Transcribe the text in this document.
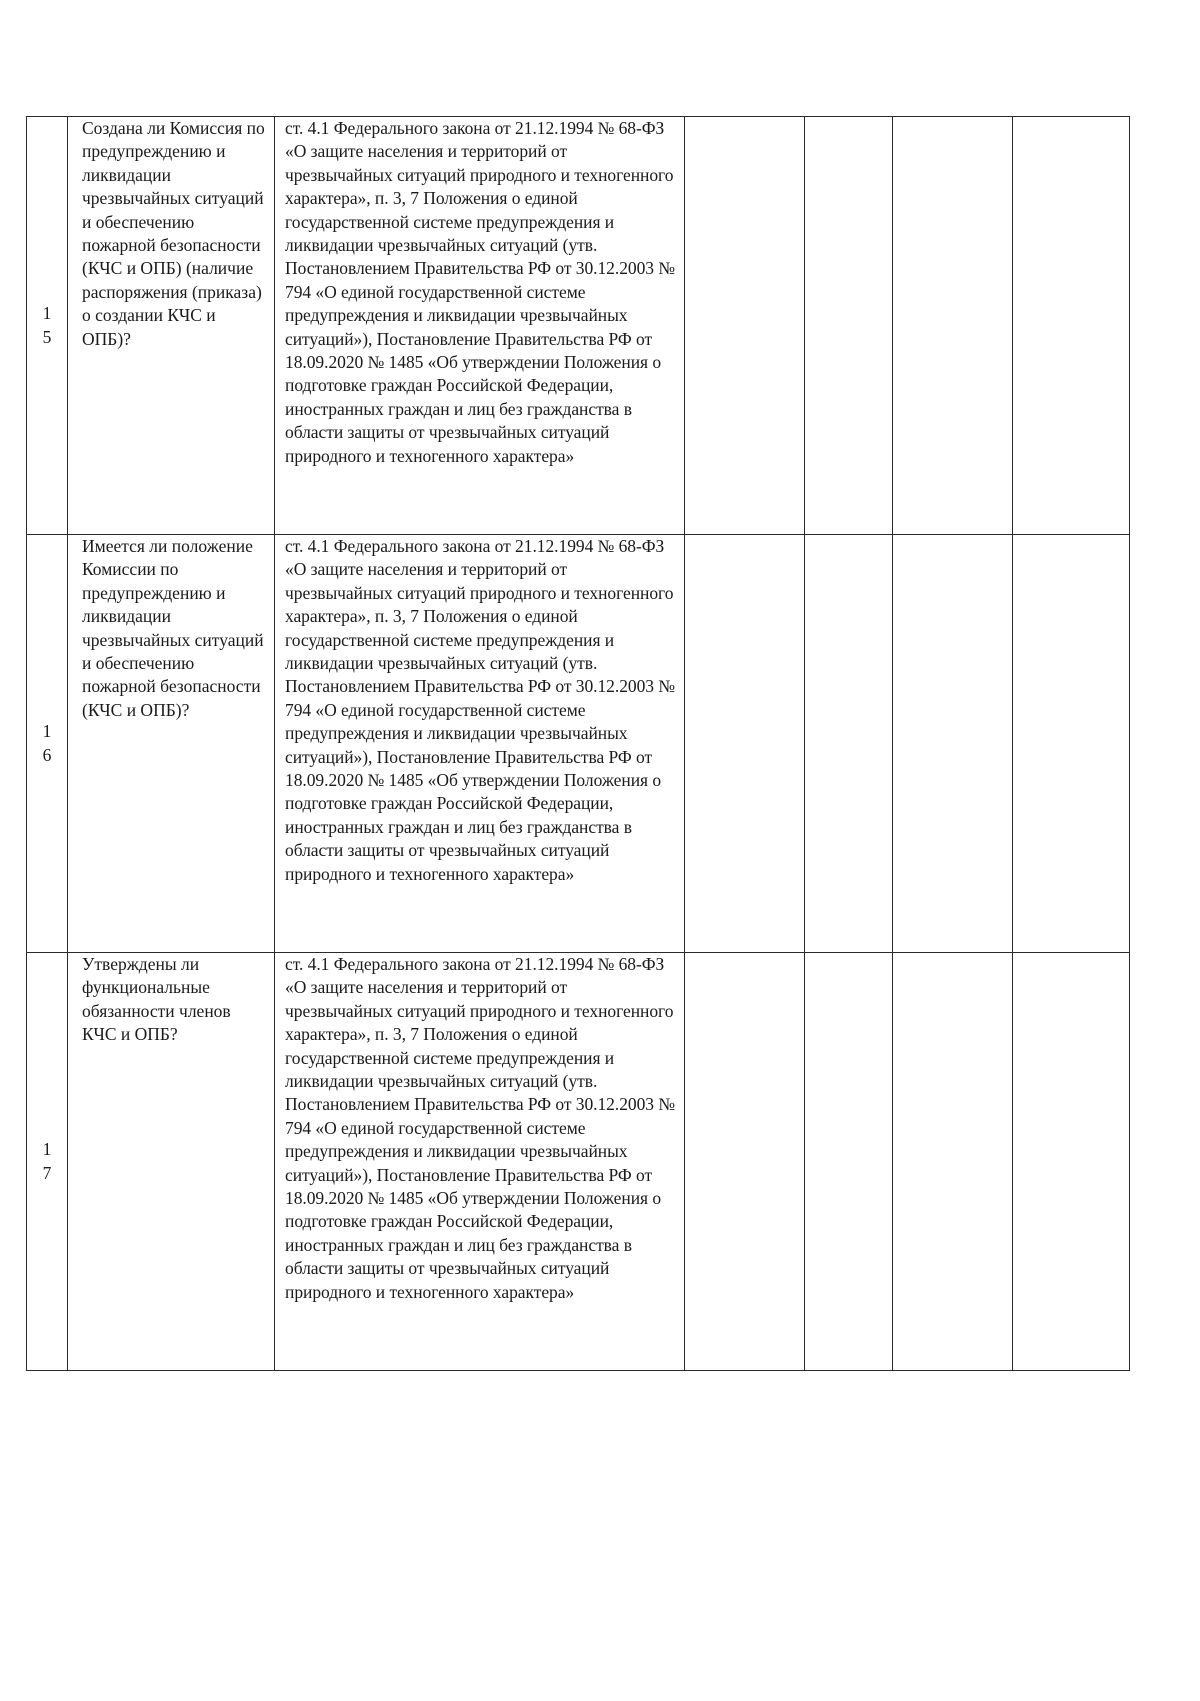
15	Создана ли Комиссия по предупреждению и ликвидации чрезвычайных ситуаций и обеспечению пожарной безопасности (КЧС и ОПБ) (наличие распоряжения (приказа) о создании КЧС и ОПБ)?	ст. 4.1 Федерального закона от 21.12.1994 № 68-ФЗ «О защите населения и территорий от чрезвычайных ситуаций природного и техногенного характера», п. 3, 7 Положения о единой государственной системе предупреждения и ликвидации чрезвычайных ситуаций (утв. Постановлением Правительства РФ от 30.12.2003 № 794 «О единой государственной системе предупреждения и ликвидации чрезвычайных ситуаций»), Постановление Правительства РФ от 18.09.2020 № 1485 «Об утверждении Положения о подготовке граждан Российской Федерации, иностранных граждан и лиц без гражданства в области защиты от чрезвычайных ситуаций природного и техногенного характера»				

16	Имеется ли положение Комиссии по предупреждению и ликвидации чрезвычайных ситуаций и обеспечению пожарной безопасности (КЧС и ОПБ)?	ст. 4.1 Федерального закона от 21.12.1994 № 68-ФЗ «О защите населения и территорий от чрезвычайных ситуаций природного и техногенного характера», п. 3, 7 Положения о единой государственной системе предупреждения и ликвидации чрезвычайных ситуаций (утв. Постановлением Правительства РФ от 30.12.2003 № 794 «О единой государственной системе предупреждения и ликвидации чрезвычайных ситуаций»), Постановление Правительства РФ от 18.09.2020 № 1485 «Об утверждении Положения о подготовке граждан Российской Федерации, иностранных граждан и лиц без гражданства в области защиты от чрезвычайных ситуаций природного и техногенного характера»				

17	Утверждены ли функциональные обязанности членов КЧС и ОПБ?	ст. 4.1 Федерального закона от 21.12.1994 № 68-ФЗ «О защите населения и территорий от чрезвычайных ситуаций природного и техногенного характера», п. 3, 7 Положения о единой государственной системе предупреждения и ликвидации чрезвычайных ситуаций (утв. Постановлением Правительства РФ от 30.12.2003 № 794 «О единой государственной системе предупреждения и ликвидации чрезвычайных ситуаций»), Постановление Правительства РФ от 18.09.2020 № 1485 «Об утверждении Положения о подготовке граждан Российской Федерации, иностранных граждан и лиц без гражданства в области защиты от чрезвычайных ситуаций природного и техногенного характера»				
